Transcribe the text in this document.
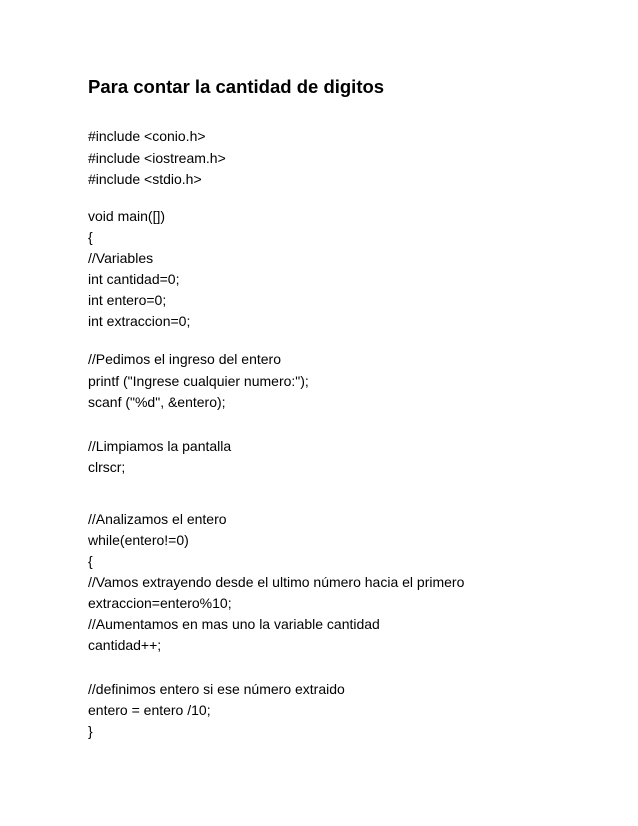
Para contar la cantidad de digitos
#include <conio.h>
#include <iostream.h>
#include <stdio.h>
void main([])
{
//Variables
int cantidad=0;
int entero=0;
int extraccion=0;
//Pedimos el ingreso del entero
printf ("Ingrese cualquier numero:");
scanf ("%d", &entero);
//Limpiamos la pantalla
clrscr;
//Analizamos el entero
while(entero!=0)
{
//Vamos extrayendo desde el ultimo número hacia el primero
extraccion=entero%10;
//Aumentamos en mas uno la variable cantidad
cantidad++;
//definimos entero si ese número extraido
entero = entero /10;
}
